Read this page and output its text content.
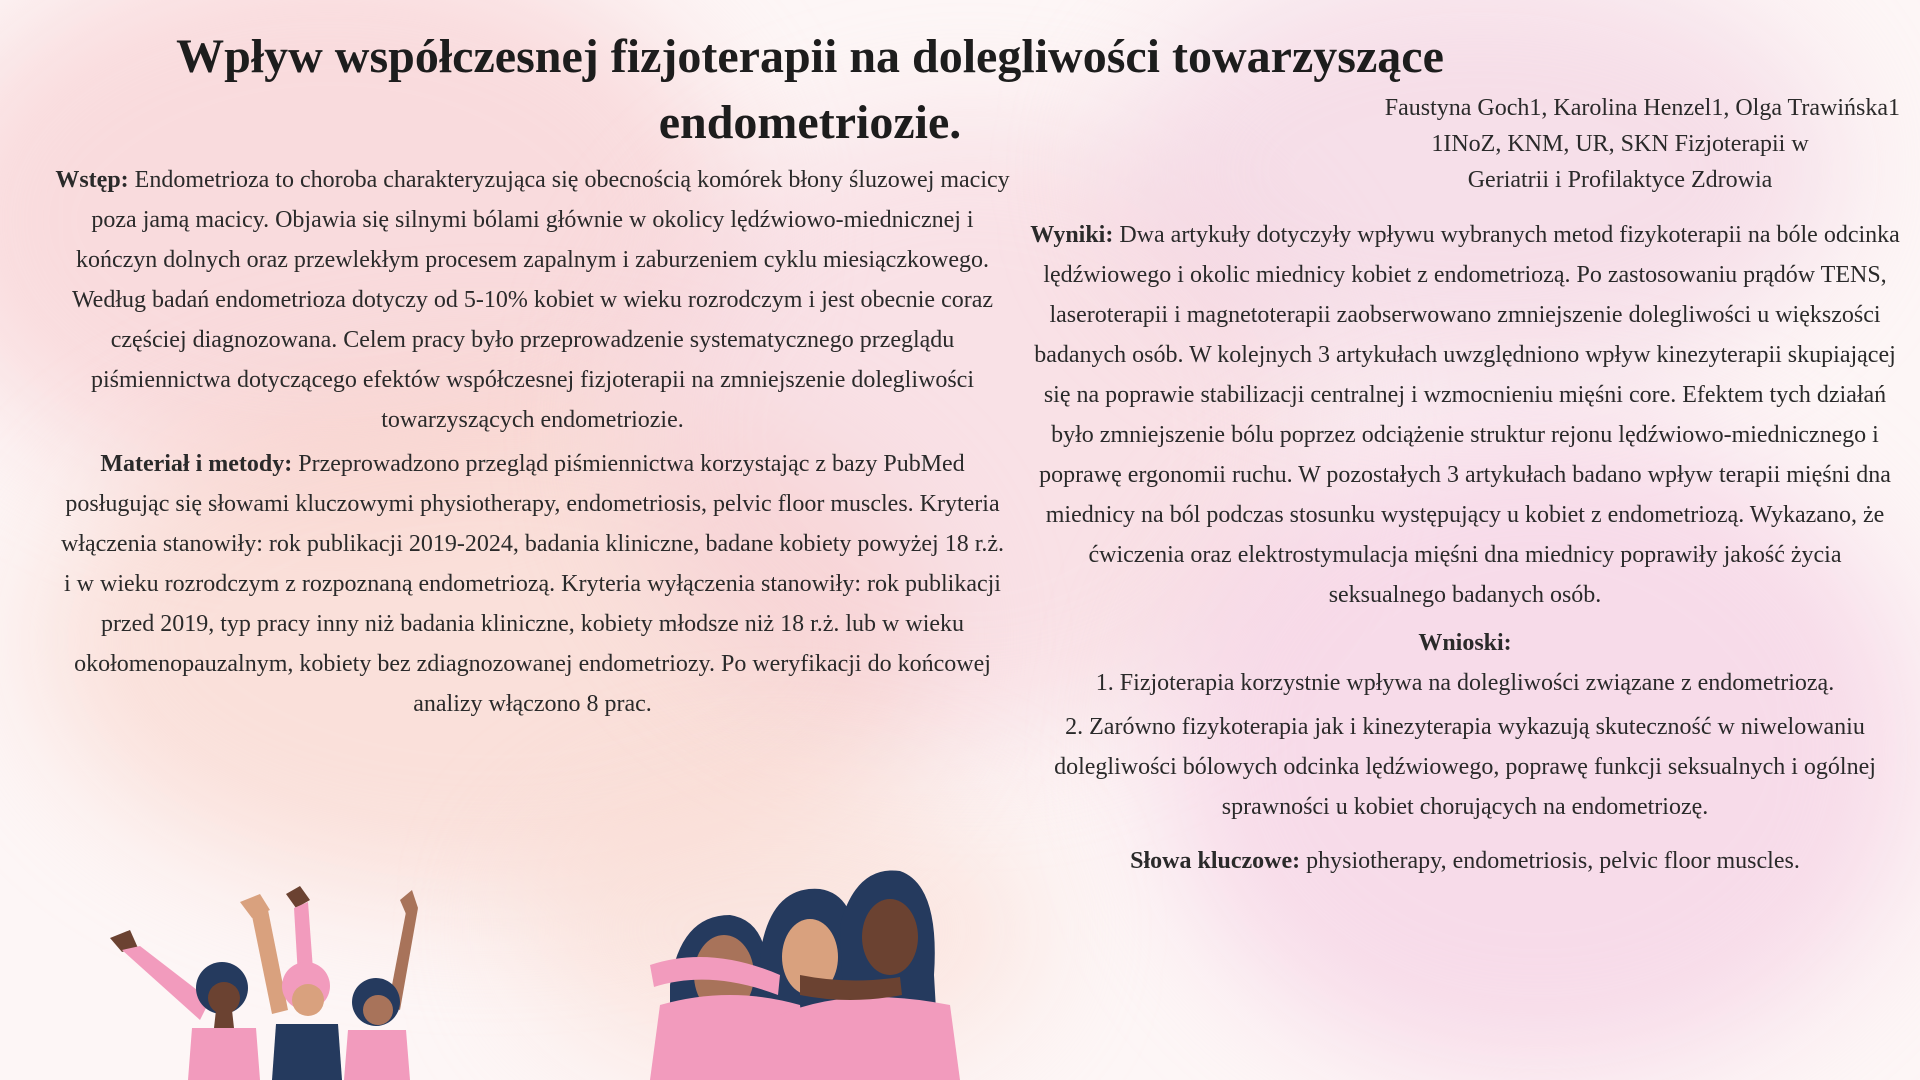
Wpływ współczesnej fizjoterapii na dolegliwości towarzyszące endometriozie.	Faustyna Goch1, Karolina Henzel1, Olga Trawińska1
1INoZ, KNM, UR, SKN Fizjoterapii w
Geriatrii i Profilaktyce Zdrowia

Wstęp: Endometrioza to choroba charakteryzująca się obecnością komórek błony śluzowej macicy poza jamą macicy. Objawia się silnymi bólami głównie w okolicy lędźwiowo-miednicznej i kończyn dolnych oraz przewlekłym procesem zapalnym i zaburzeniem cyklu miesiączkowego. Według badań endometrioza dotyczy od 5-10% kobiet w wieku rozrodczym i jest obecnie coraz częściej diagnozowana. Celem pracy było przeprowadzenie systematycznego przeglądu piśmiennictwa dotyczącego efektów współczesnej fizjoterapii na zmniejszenie dolegliwości towarzyszących endometriozie.

Materiał i metody: Przeprowadzono przegląd piśmiennictwa korzystając z bazy PubMed posługując się słowami kluczowymi physiotherapy, endometriosis, pelvic floor muscles. Kryteria włączenia stanowiły: rok publikacji 2019-2024, badania kliniczne, badane kobiety powyżej 18 r.ż. i w wieku rozrodczym z rozpoznaną endometriozą. Kryteria wyłączenia stanowiły: rok publikacji przed 2019, typ pracy inny niż badania kliniczne, kobiety młodsze niż 18 r.ż. lub w wieku okołomenopauzalnym, kobiety bez zdiagnozowanej endometriozy. Po weryfikacji do końcowej analizy włączono 8 prac.

Wyniki: Dwa artykuły dotyczyły wpływu wybranych metod fizykoterapii na bóle odcinka lędźwiowego i okolic miednicy kobiet z endometriozą. Po zastosowaniu prądów TENS, laseroterapii i magnetoterapii zaobserwowano zmniejszenie dolegliwości u większości badanych osób. W kolejnych 3 artykułach uwzględniono wpływ kinezyterapii skupiającej się na poprawie stabilizacji centralnej i wzmocnieniu mięśni core. Efektem tych działań było zmniejszenie bólu poprzez odciążenie struktur rejonu lędźwiowo-miednicznego i poprawę ergonomii ruchu. W pozostałych 3 artykułach badano wpływ terapii mięśni dna miednicy na ból podczas stosunku występujący u kobiet z endometriozą. Wykazano, że ćwiczenia oraz elektrostymulacja mięśni dna miednicy poprawiły jakość życia seksualnego badanych osób.

Wnioski:

1. Fizjoterapia korzystnie wpływa na dolegliwości związane z endometriozą.

2. Zarówno fizykoterapia jak i kinezyterapia wykazują skuteczność w niwelowaniu dolegliwości bólowych odcinka lędźwiowego, poprawę funkcji seksualnych i ogólnej sprawności u kobiet chorujących na endometriozę.

Słowa kluczowe: physiotherapy, endometriosis, pelvic floor muscles.
